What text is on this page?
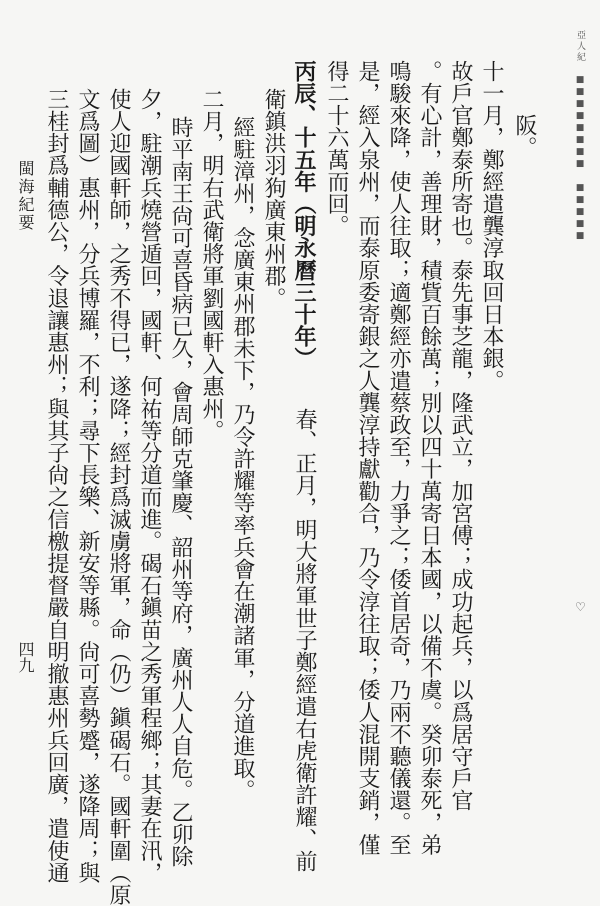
亞人紀 ■■■■■■■■ ■■■■■
♡
阪。
十一月，鄭經遣龔淳取回日本銀。
故戶官鄭泰所寄也。泰先事芝龍，隆武立，加宮傅；成功起兵，以爲居守戶官
。有心計，善理財，積貲百餘萬；別以四十萬寄日本國，以備不虞。癸卯泰死，弟
鳴駿來降，使人往取；適鄭經亦遣蔡政至，力爭之；倭首居奇，乃兩不聽儀還。至
是，經入泉州，而泰原委寄銀之人龔淳持獻勸合，乃令淳往取；倭人混開支銷，僅
得二十六萬而回。
丙辰、十五年（明永曆三十年）
春、正月，明大將軍世子鄭經遣右虎衛許耀、前
衛鎮洪羽狗廣東州郡。
經駐漳州，念廣東州郡未下，乃令許耀等率兵會在潮諸軍，分道進取。
二月，明右武衛將軍劉國軒入惠州。
時平南王尙可喜昏病已久，會周師克肇慶、韶州等府，廣州人人自危。乙卯除
夕，駐潮兵燒營遁回，國軒、何祐等分道而進。碣石鎭苗之秀軍程鄉；其妻在汛，
使人迎國軒師，之秀不得已，遂降；經封爲滅虜將軍，命（仍）鎭碣石。國軒圍（原
文爲圖）惠州，分兵博羅，不利；尋下長樂、新安等縣。尙可喜勢蹙，遂降周；與
三桂封爲輔德公，令退讓惠州；與其子尙之信檄提督嚴自明撤惠州兵回廣，遣使通
閩海紀要
四九
